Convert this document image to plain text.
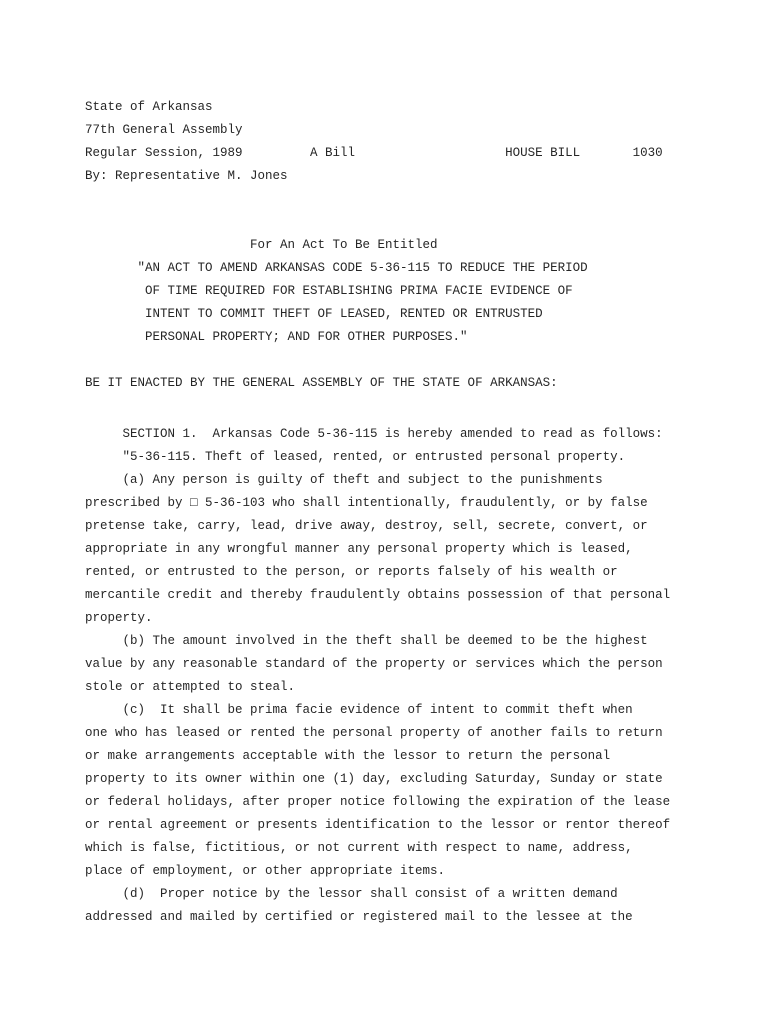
State of Arkansas
77th General Assembly
Regular Session, 1989         A Bill                    HOUSE BILL       1030
By: Representative M. Jones
For An Act To Be Entitled
"AN ACT TO AMEND ARKANSAS CODE 5-36-115 TO REDUCE THE PERIOD
OF TIME REQUIRED FOR ESTABLISHING PRIMA FACIE EVIDENCE OF
INTENT TO COMMIT THEFT OF LEASED, RENTED OR ENTRUSTED
PERSONAL PROPERTY; AND FOR OTHER PURPOSES."
BE IT ENACTED BY THE GENERAL ASSEMBLY OF THE STATE OF ARKANSAS:
SECTION 1.  Arkansas Code 5-36-115 is hereby amended to read as follows:
"5-36-115. Theft of leased, rented, or entrusted personal property.
(a) Any person is guilty of theft and subject to the punishments
prescribed by □ 5-36-103 who shall intentionally, fraudulently, or by false
pretense take, carry, lead, drive away, destroy, sell, secrete, convert, or
appropriate in any wrongful manner any personal property which is leased,
rented, or entrusted to the person, or reports falsely of his wealth or
mercantile credit and thereby fraudulently obtains possession of that personal
property.
(b) The amount involved in the theft shall be deemed to be the highest
value by any reasonable standard of the property or services which the person
stole or attempted to steal.
(c)  It shall be prima facie evidence of intent to commit theft when
one who has leased or rented the personal property of another fails to return
or make arrangements acceptable with the lessor to return the personal
property to its owner within one (1) day, excluding Saturday, Sunday or state
or federal holidays, after proper notice following the expiration of the lease
or rental agreement or presents identification to the lessor or rentor thereof
which is false, fictitious, or not current with respect to name, address,
place of employment, or other appropriate items.
(d)  Proper notice by the lessor shall consist of a written demand
addressed and mailed by certified or registered mail to the lessee at the
